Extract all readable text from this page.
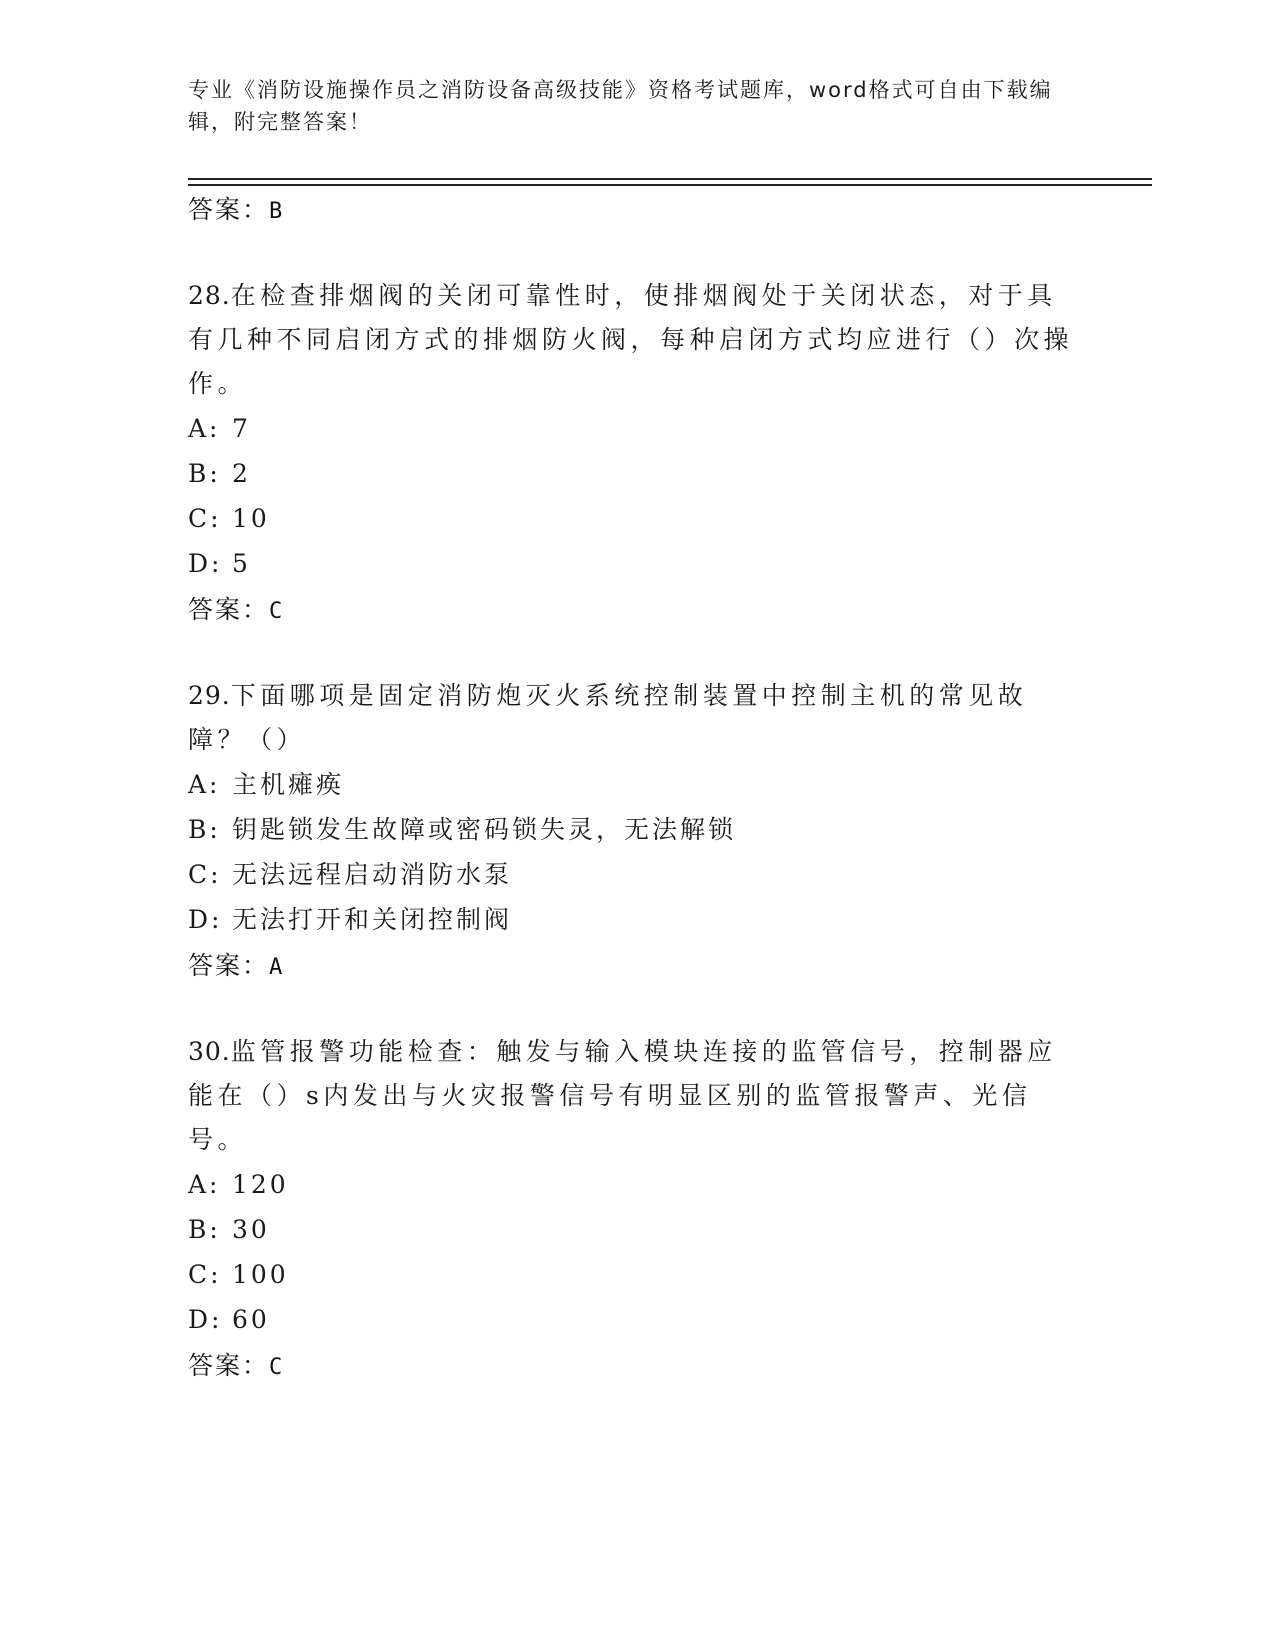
专业《消防设施操作员之消防设备高级技能》资格考试题库，word格式可自由下载编辑，附完整答案！
答案：B
28.在检查排烟阀的关闭可靠性时，使排烟阀处于关闭状态，对于具有几种不同启闭方式的排烟防火阀，每种启闭方式均应进行（）次操作。
A: 7
B: 2
C: 10
D: 5
答案：C
29.下面哪项是固定消防炮灭火系统控制装置中控制主机的常见故障？（）
A: 主机瘫痪
B: 钥匙锁发生故障或密码锁失灵，无法解锁
C: 无法远程启动消防水泵
D: 无法打开和关闭控制阀
答案：A
30.监管报警功能检查：触发与输入模块连接的监管信号，控制器应能在（）s内发出与火灾报警信号有明显区别的监管报警声、光信号。
A: 120
B: 30
C: 100
D: 60
答案：C
